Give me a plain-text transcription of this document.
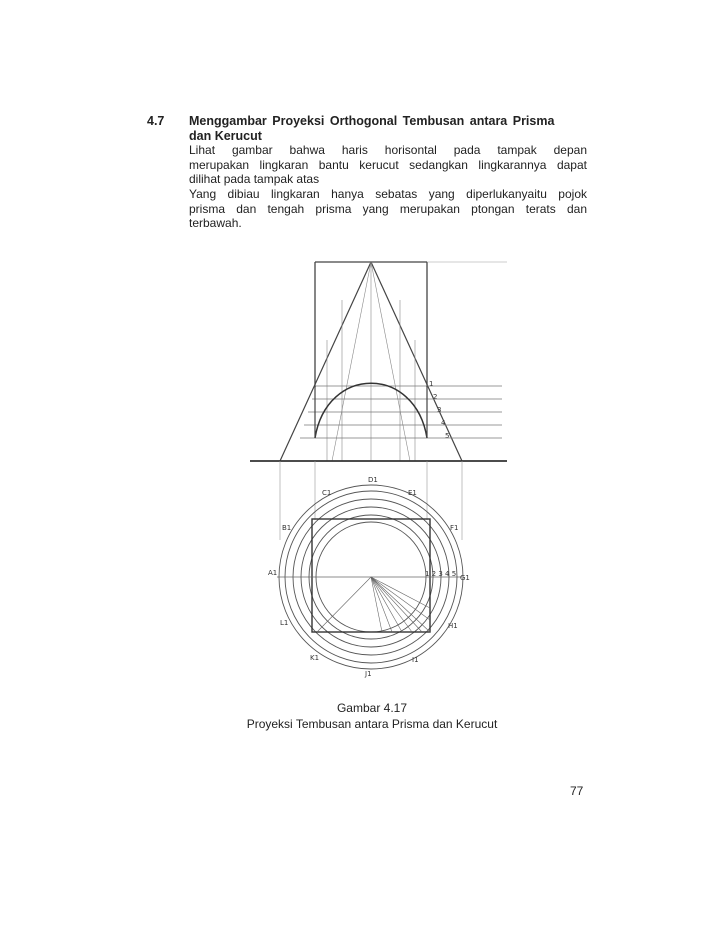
4.7 Menggambar Proyeksi Orthogonal Tembusan antara Prisma
dan Kerucut
Lihat gambar bahwa haris horisontal pada tampak depan
merupakan lingkaran bantu kerucut sedangkan lingkarannya dapat
dilihat pada tampak atas
Yang dibiau lingkaran hanya sebatas yang diperlukanyaitu pojok
prisma dan tengah prisma yang merupakan ptongan terats dan
terbawah.
1
2
3
4
5
D1
C1	E1
B1	F1
A1
G1
L1	H1
K1	I1
J1
1 2 3 4 5
Gambar 4.17
Proyeksi Tembusan antara Prisma dan Kerucut
77
